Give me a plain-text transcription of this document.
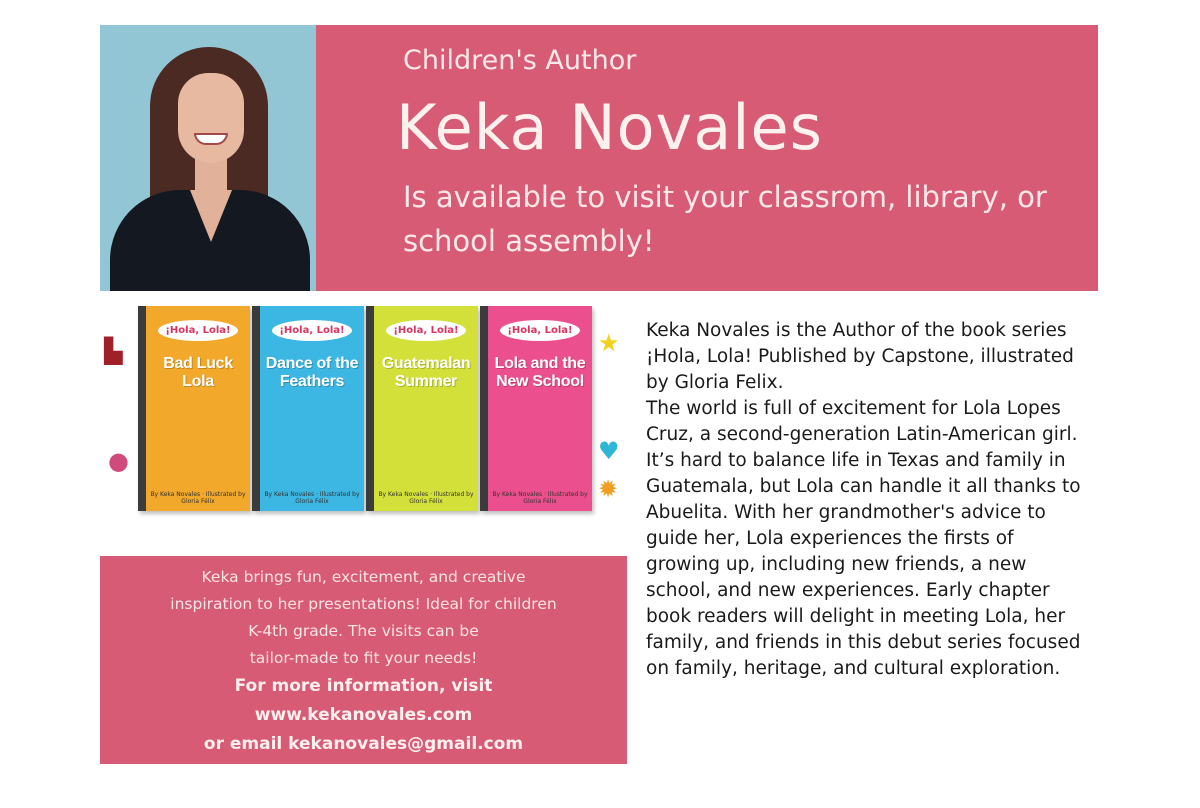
Children's Author
Keka Novales
Is available to visit your classrom, library, or school assembly!
▙
●
★
♥
✹
¡Hola, Lola!
Bad Luck Lola
By Keka Novales · Illustrated by Gloria Félix
¡Hola, Lola!
Dance of the Feathers
By Keka Novales · Illustrated by Gloria Félix
¡Hola, Lola!
Guatemalan Summer
By Keka Novales · Illustrated by Gloria Félix
¡Hola, Lola!
Lola and the New School
By Keka Novales · Illustrated by Gloria Félix
Keka brings fun, excitement, and creative
inspiration to her presentations! Ideal for children
K-4th grade. The visits can be
tailor-made to fit your needs!
For more information, visit
www.kekanovales.com
or email kekanovales@gmail.com
Keka Novales is the Author of the book series ¡Hola, Lola! Published by Capstone, illustrated by Gloria Felix.
The world is full of excitement for Lola Lopes Cruz, a second-generation Latin-American girl. It’s hard to balance life in Texas and family in Guatemala, but Lola can handle it all thanks to Abuelita. With her grandmother's advice to guide her, Lola experiences the firsts of growing up, including new friends, a new school, and new experiences. Early chapter book readers will delight in meeting Lola, her family, and friends in this debut series focused on family, heritage, and cultural exploration.
